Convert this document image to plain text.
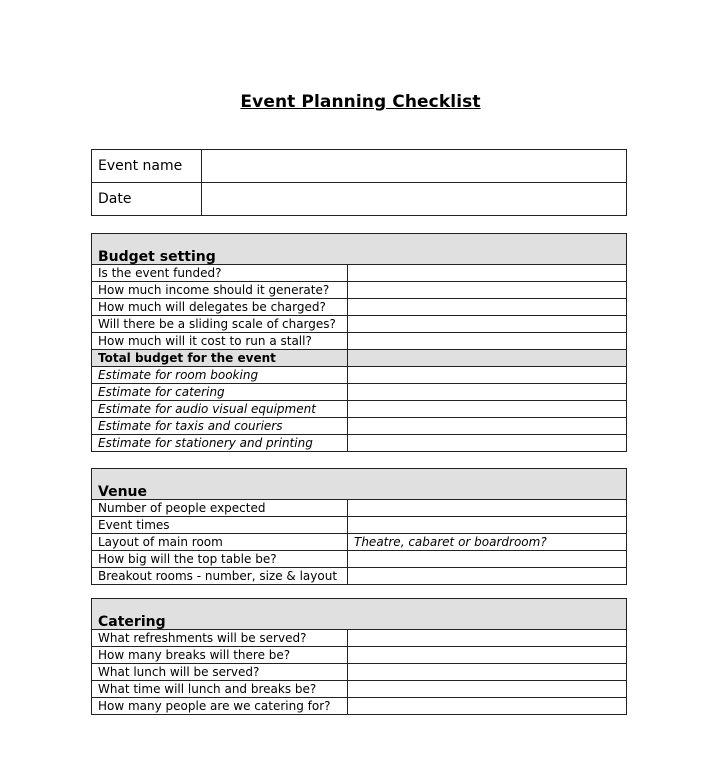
Event Planning Checklist
Event name	
Date	
Budget setting	
Is the event funded?	
How much income should it generate?	
How much will delegates be charged?	
Will there be a sliding scale of charges?	
How much will it cost to run a stall?	
Total budget for the event	
Estimate for room booking	
Estimate for catering	
Estimate for audio visual equipment	
Estimate for taxis and couriers	
Estimate for stationery and printing	
Venue	
Number of people expected	
Event times	
Layout of main room	Theatre, cabaret or boardroom?
How big will the top table be?	
Breakout rooms - number, size & layout	
Catering	
What refreshments will be served?	
How many breaks will there be?	
What lunch will be served?	
What time will lunch and breaks be?	
How many people are we catering for?	
